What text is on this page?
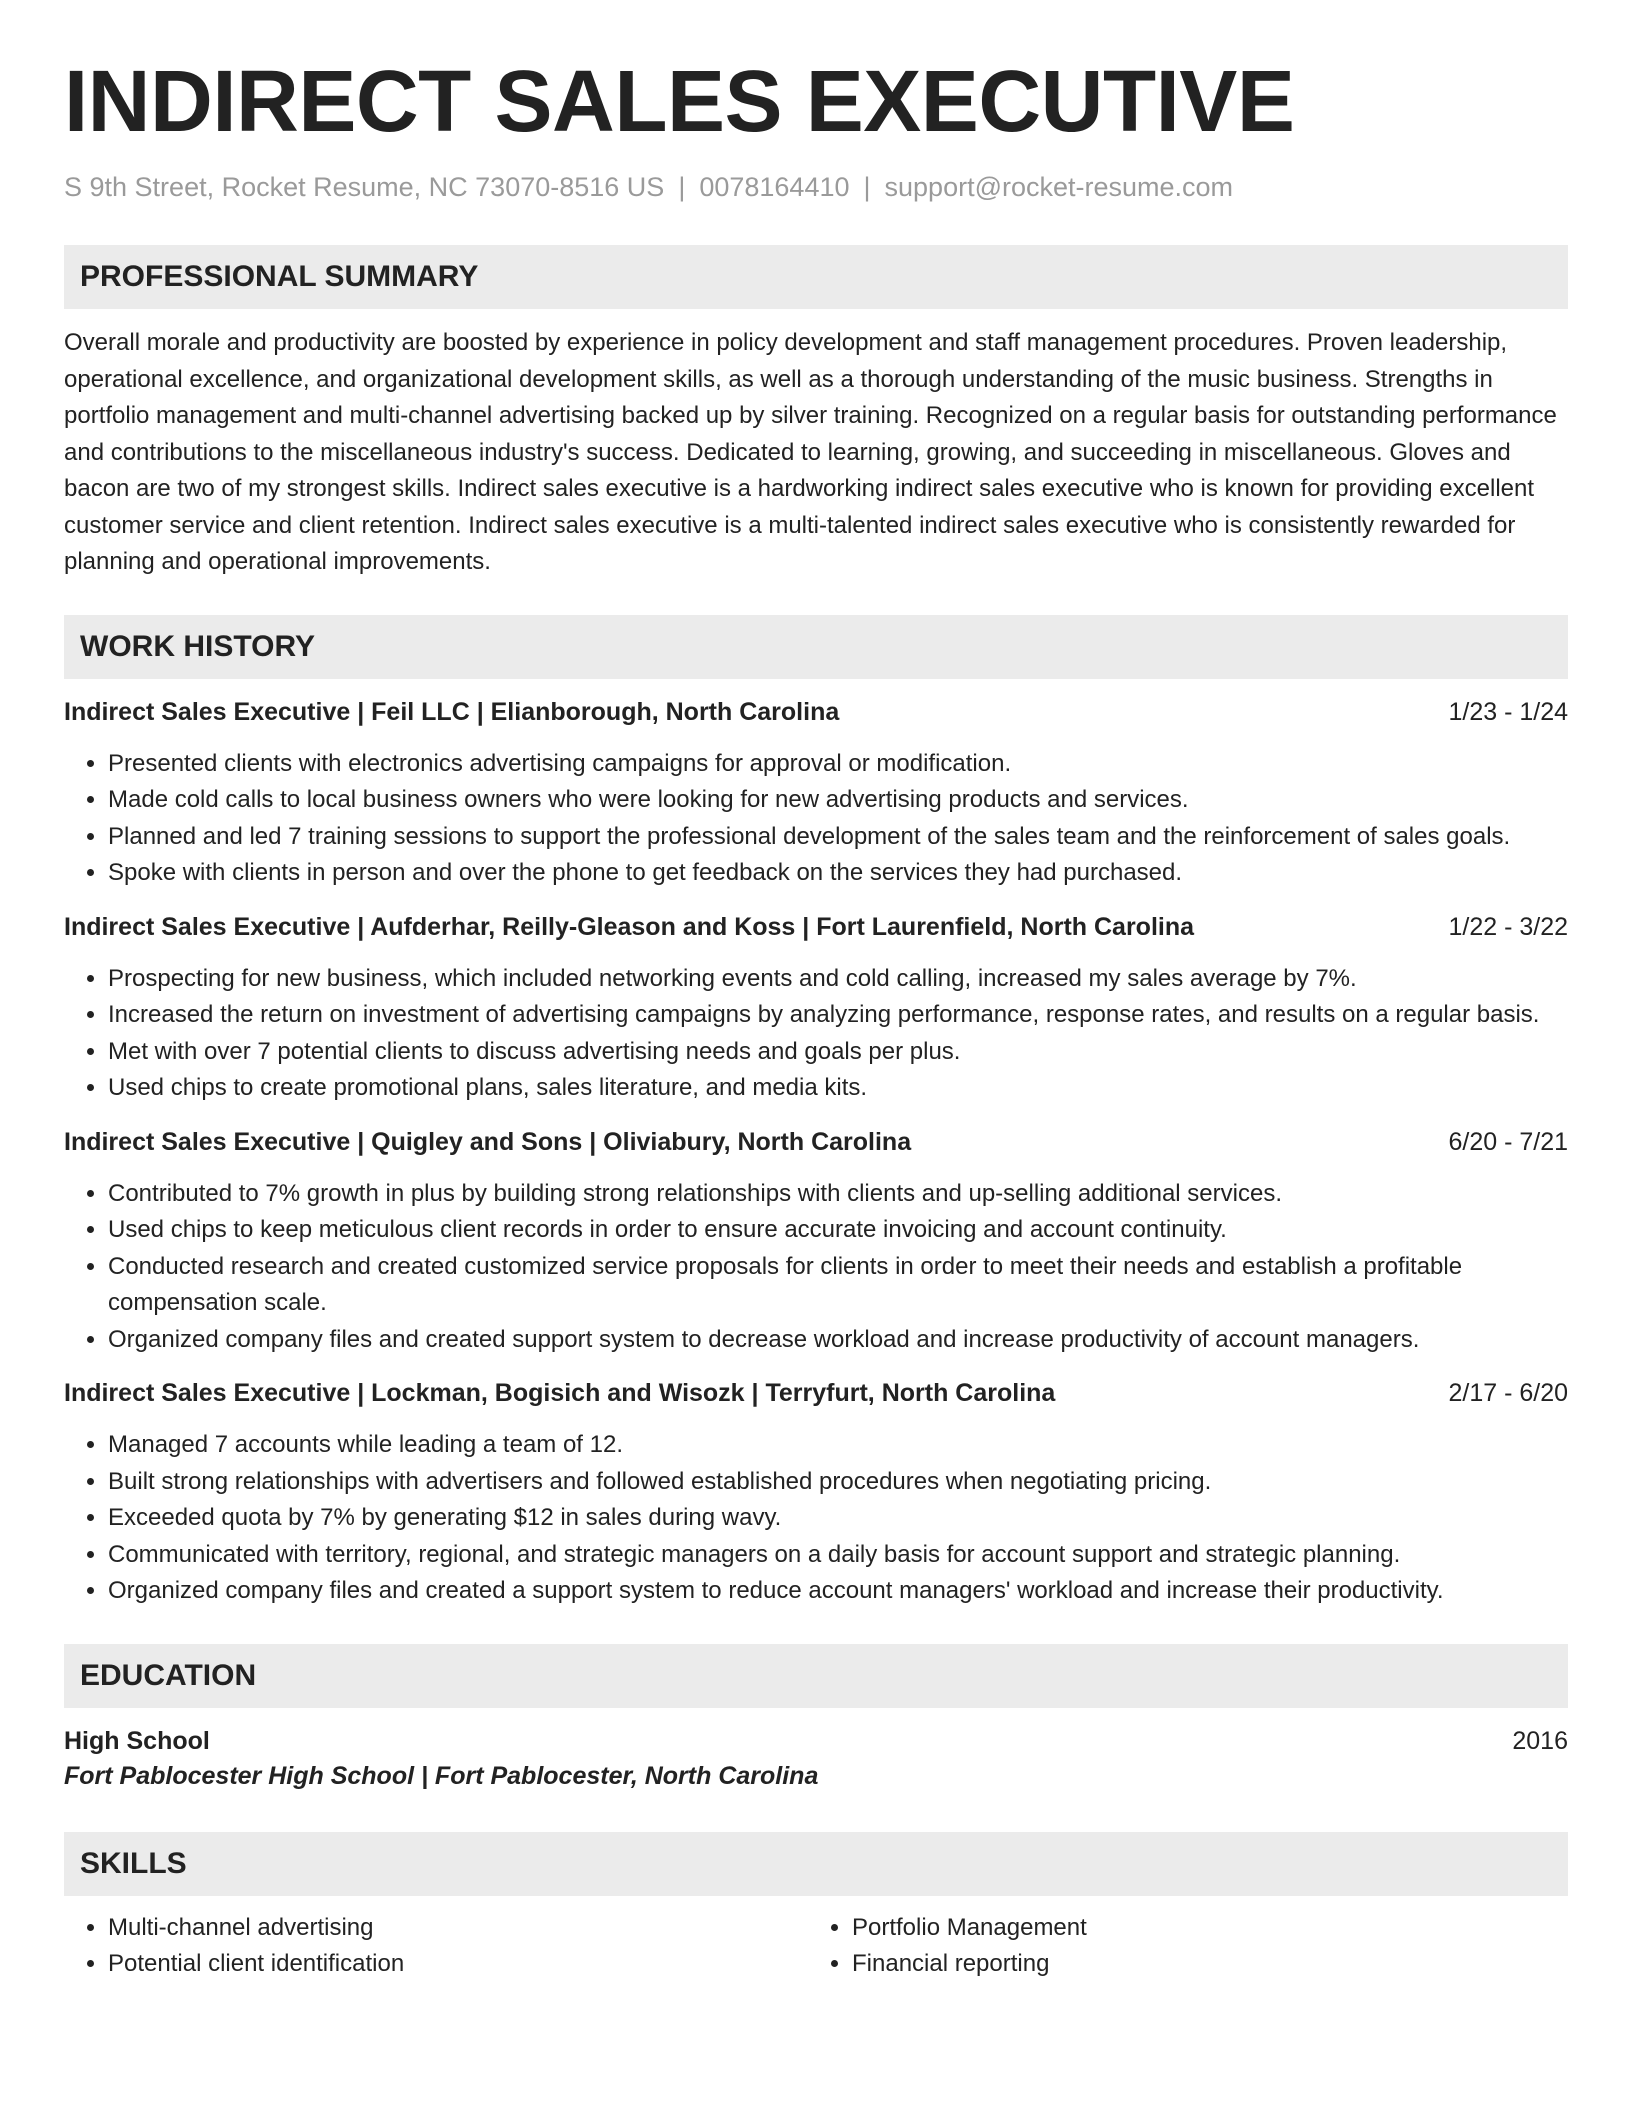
INDIRECT SALES EXECUTIVE
S 9th Street, Rocket Resume, NC 73070-8516 US | 0078164410 | support@rocket-resume.com
PROFESSIONAL SUMMARY

Overall morale and productivity are boosted by experience in policy development and staff management procedures. Proven leadership, operational excellence, and organizational development skills, as well as a thorough understanding of the music business. Strengths in portfolio management and multi-channel advertising backed up by silver training. Recognized on a regular basis for outstanding performance and contributions to the miscellaneous industry's success. Dedicated to learning, growing, and succeeding in miscellaneous. Gloves and bacon are two of my strongest skills. Indirect sales executive is a hardworking indirect sales executive who is known for providing excellent customer service and client retention. Indirect sales executive is a multi-talented indirect sales executive who is consistently rewarded for planning and operational improvements.

WORK HISTORY
Indirect Sales Executive | Feil LLC | Elianborough, North Carolina	1/23 - 1/24
• Presented clients with electronics advertising campaigns for approval or modification.
• Made cold calls to local business owners who were looking for new advertising products and services.
• Planned and led 7 training sessions to support the professional development of the sales team and the reinforcement of sales goals.
• Spoke with clients in person and over the phone to get feedback on the services they had purchased.
Indirect Sales Executive | Aufderhar, Reilly-Gleason and Koss | Fort Laurenfield, North Carolina	1/22 - 3/22
• Prospecting for new business, which included networking events and cold calling, increased my sales average by 7%.
• Increased the return on investment of advertising campaigns by analyzing performance, response rates, and results on a regular basis.
• Met with over 7 potential clients to discuss advertising needs and goals per plus.
• Used chips to create promotional plans, sales literature, and media kits.
Indirect Sales Executive | Quigley and Sons | Oliviabury, North Carolina	6/20 - 7/21
• Contributed to 7% growth in plus by building strong relationships with clients and up-selling additional services.
• Used chips to keep meticulous client records in order to ensure accurate invoicing and account continuity.
• Conducted research and created customized service proposals for clients in order to meet their needs and establish a profitable compensation scale.
• Organized company files and created support system to decrease workload and increase productivity of account managers.
Indirect Sales Executive | Lockman, Bogisich and Wisozk | Terryfurt, North Carolina	2/17 - 6/20
• Managed 7 accounts while leading a team of 12.
• Built strong relationships with advertisers and followed established procedures when negotiating pricing.
• Exceeded quota by 7% by generating $12 in sales during wavy.
• Communicated with territory, regional, and strategic managers on a daily basis for account support and strategic planning.
• Organized company files and created a support system to reduce account managers' workload and increase their productivity.
EDUCATION
High School	2016
Fort Pablocester High School | Fort Pablocester, North Carolina
SKILLS
• Multi-channel advertising
• Potential client identification
• Portfolio Management
• Financial reporting
